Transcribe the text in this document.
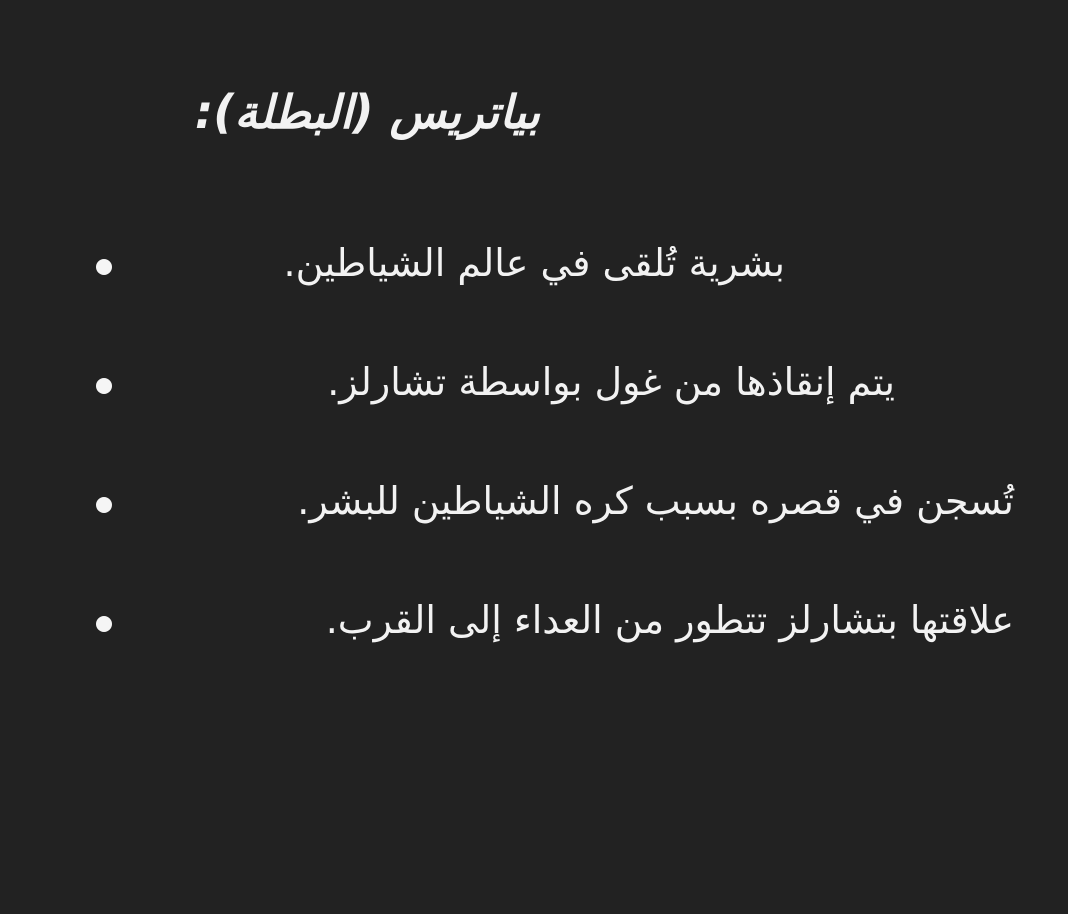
بياتريس (البطلة):
بشرية تُلقى في عالم الشياطين.
يتم إنقاذها من غول بواسطة تشارلز.
تُسجن في قصره بسبب كره الشياطين للبشر.
علاقتها بتشارلز تتطور من العداء إلى القرب.
